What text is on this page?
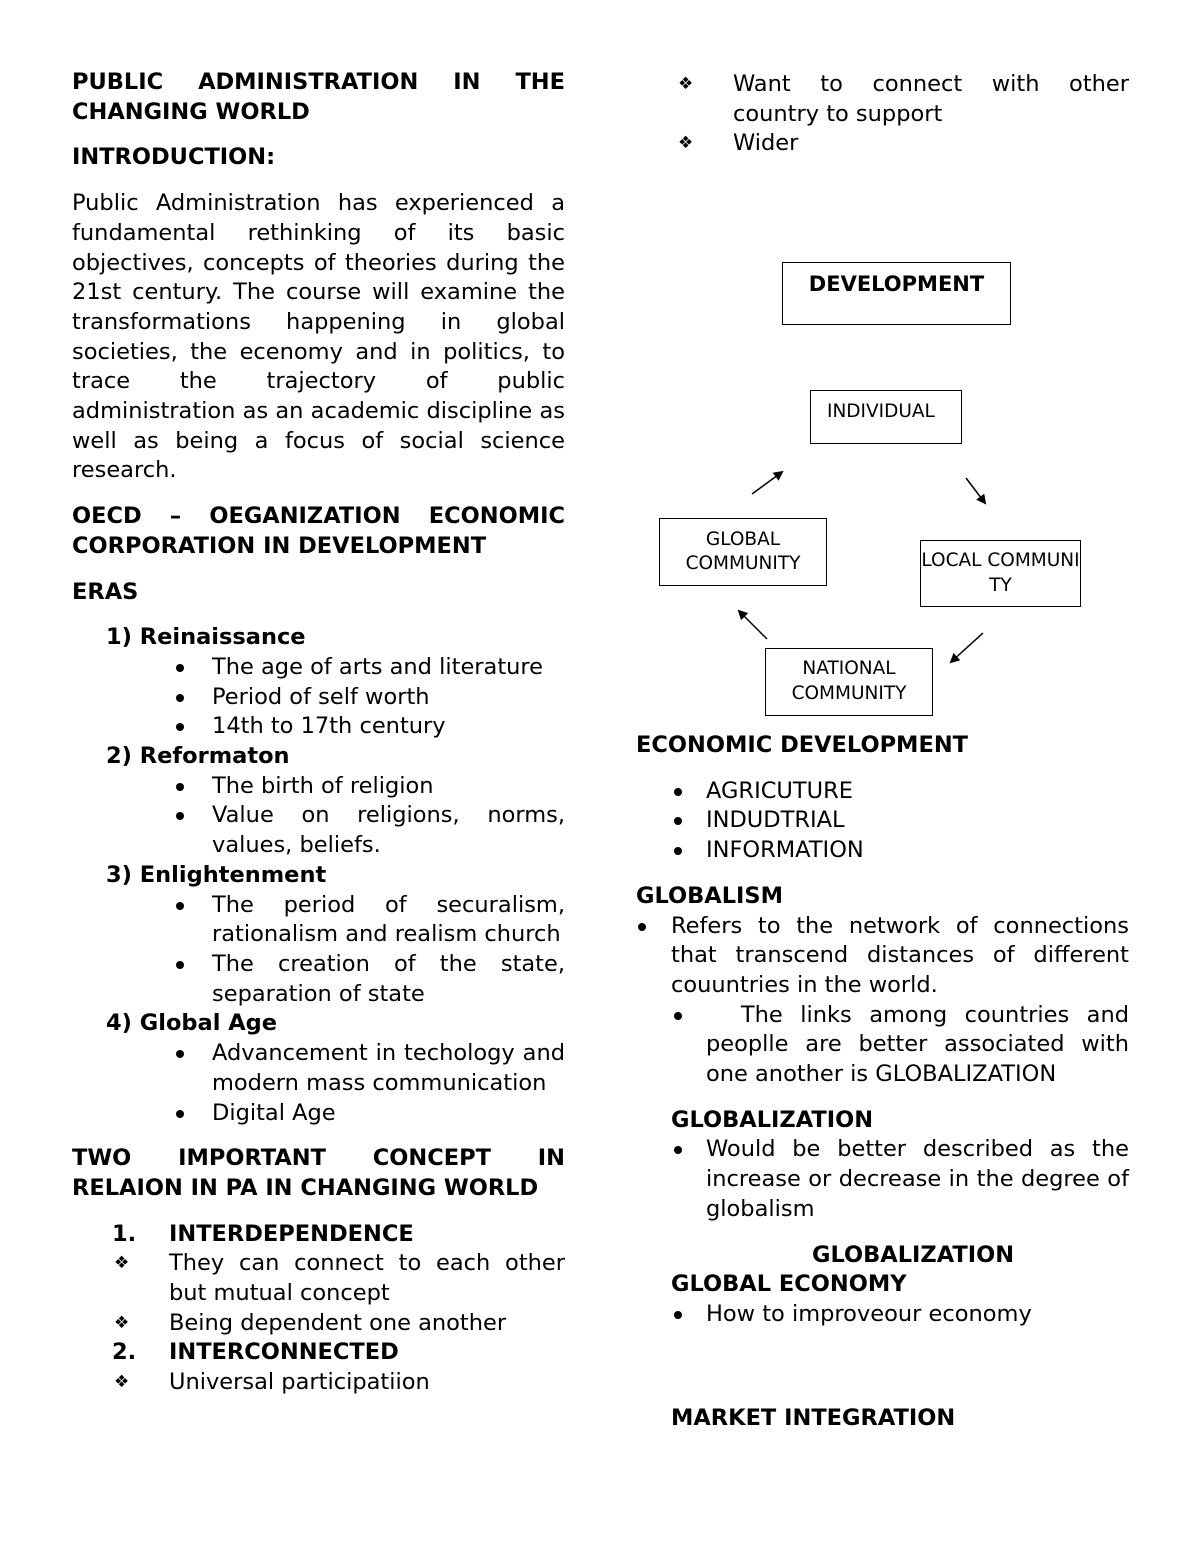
PUBLIC ADMINISTRATION IN THE CHANGING WORLD
INTRODUCTION:

Public Administration has experienced a fundamental rethinking of its basic objectives, concepts of theories during the 21st century. The course will examine the transformations happening in global societies, the ecenomy and in politics, to trace the trajectory of public administration as an academic discipline as well as being a focus of social science research.

OECD – OEGANIZATION ECONOMIC CORPORATION IN DEVELOPMENT
ERAS
1) Reinaissance
The age of arts and literature
Period of self worth
14th to 17th century
2) Reformaton
The birth of religion
Value on religions, norms, values, beliefs.
3) Enlightenment
The period of securalism, rationalism and realism church
The creation of the state, separation of state
4) Global Age
Advancement in techology and modern mass communication
Digital Age
TWO IMPORTANT CONCEPT IN RELAION IN PA IN CHANGING WORLD
1. INTERDEPENDENCE
❖ They can connect to each other but mutual concept
❖ Being dependent one another
2. INTERCONNECTED
❖ Universal participatiion
❖ Want to connect with other country to support
❖ Wider
DEVELOPMENT
INDIVIDUAL
GLOBAL COMMUNITY	LOCAL COMMUNITY
NATIONAL COMMUNITY
ECONOMIC DEVELOPMENT
AGRICUTURE
INDUDTRIAL
INFORMATION
GLOBALISM
Refers to the network of connections that transcend distances of different couuntries in the world.
The links among countries and peoplle are better associated with one another is GLOBALIZATION
GLOBALIZATION
Would be better described as the increase or decrease in the degree of globalism
GLOBALIZATION
GLOBAL ECONOMY
How to improveour economy
MARKET INTEGRATION
